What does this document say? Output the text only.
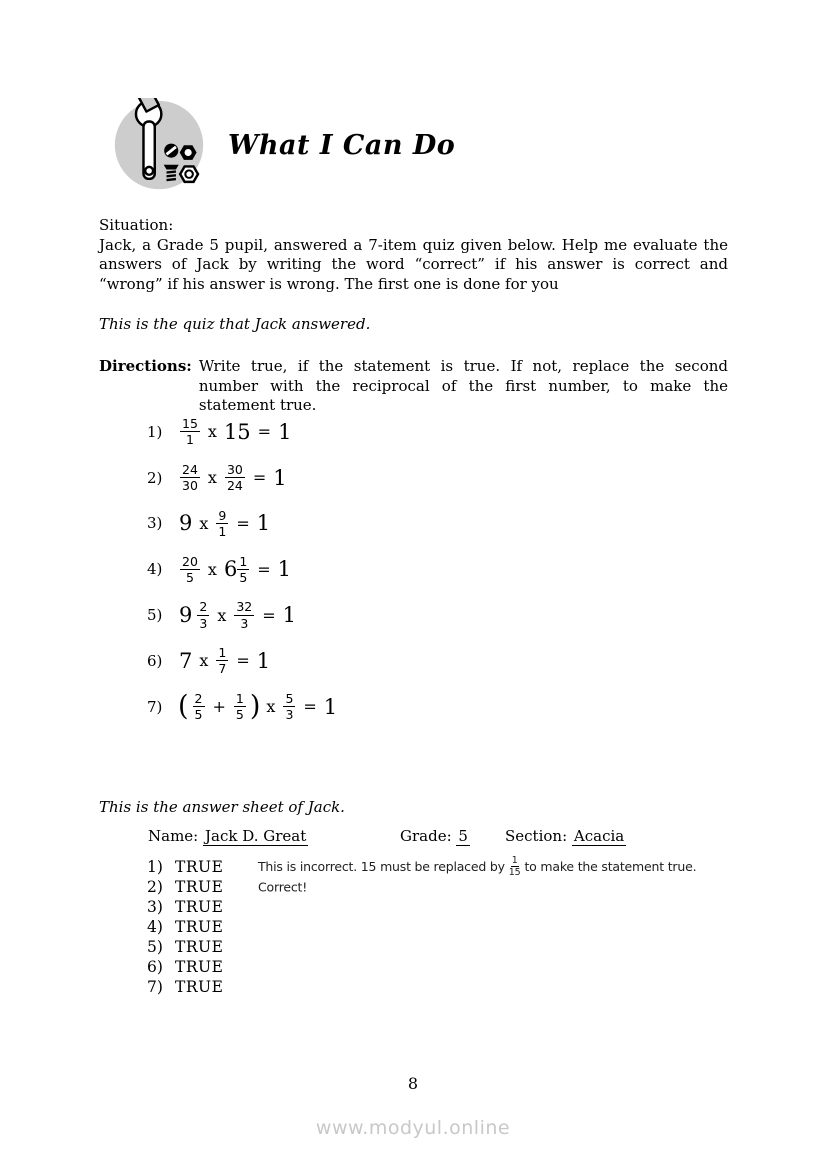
What I Can Do
Situation:
Jack, a Grade 5 pupil, answered a 7-item quiz given below. Help me evaluate the answers of Jack by writing the word “correct” if his answer is correct and “wrong” if his answer is wrong. The first one is done for you
This is the quiz that Jack answered.
Directions: Write true, if the statement is true. If not, replace the second number with the reciprocal of the first number, to make the statement true.
1)	$\frac{15}{1}$ x 15 = 1
2)	$\frac{24}{30}$ x $\frac{30}{24} = 1$
3) 9 x $\frac{9}{1} = 1$
4)	$\frac{20}{5}$ x $6 \frac{1}{5} = 1$
5) $9 \frac{2}{3}$ x $\frac{32}{3} = 1$
6) 7 x $\frac{1}{7} = 1$
7) ( $\frac{2}{5} + \frac{1}{5}$ ) x $\frac{5}{3} = 1$
This is the answer sheet of Jack.
Name: Jack D. Great	Grade: 5 Section: Acacia
1) TRUE	This is incorrect. 15 must be replaced by $\frac{1}{15}$ to make the statement true.
2) TRUE	Correct!
3) TRUE
4) TRUE
5) TRUE
6) TRUE
7) TRUE
8
www.modyul.online
